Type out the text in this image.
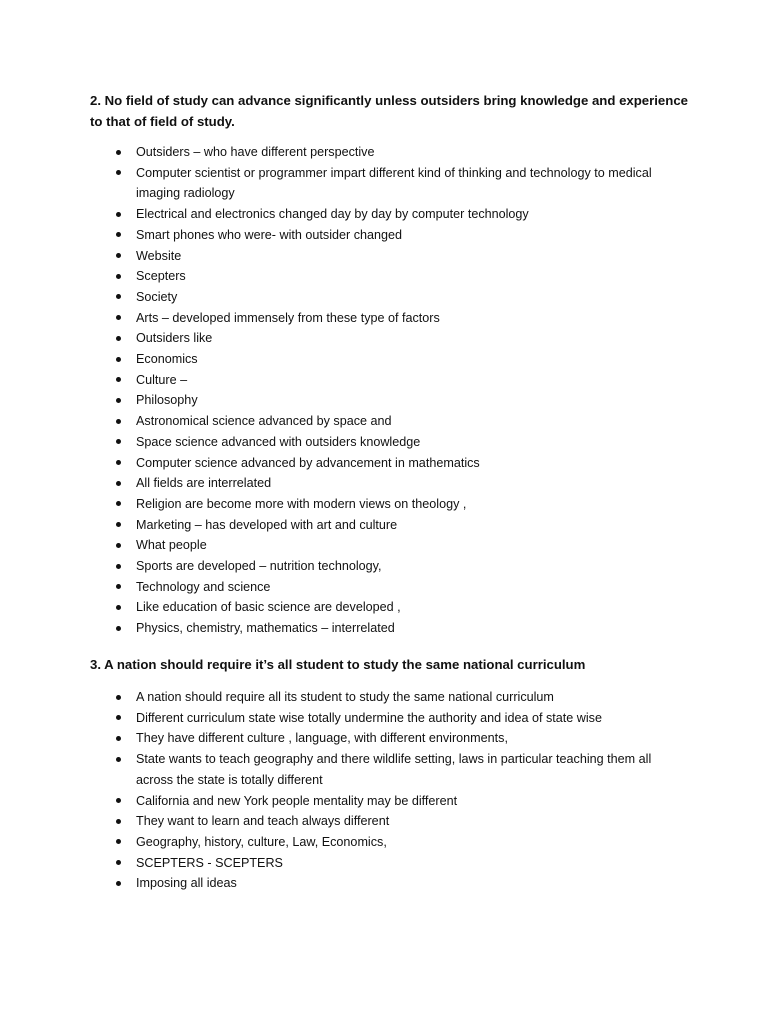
2. No field of study can advance significantly unless outsiders bring knowledge and experience to that of field of study.

Outsiders – who have different perspective
Computer scientist or programmer impart different kind of thinking and technology to medical imaging radiology
Electrical and electronics changed day by day by computer technology
Smart phones who were- with outsider changed
Website
Scepters
Society
Arts – developed immensely from these type of factors
Outsiders like
Economics
Culture –
Philosophy
Astronomical science advanced by space and
Space science advanced with outsiders knowledge
Computer science advanced by advancement in mathematics
All fields are interrelated
Religion are become more with modern views on theology ,
Marketing – has developed with art and culture
What people
Sports are developed – nutrition technology,
Technology and science
Like education of basic science are developed ,
Physics, chemistry, mathematics – interrelated

3. A nation should require it’s all student to study the same national curriculum

A nation should require all its student to study the same national curriculum
Different curriculum state wise totally undermine the authority and idea of state wise
They have different culture , language, with different environments,
State wants to teach geography and there wildlife setting, laws in particular teaching them all across the state is totally different
California and new York people mentality may be different
They want to learn and teach always different
Geography, history, culture, Law, Economics,
SCEPTERS - SCEPTERS
Imposing all ideas
